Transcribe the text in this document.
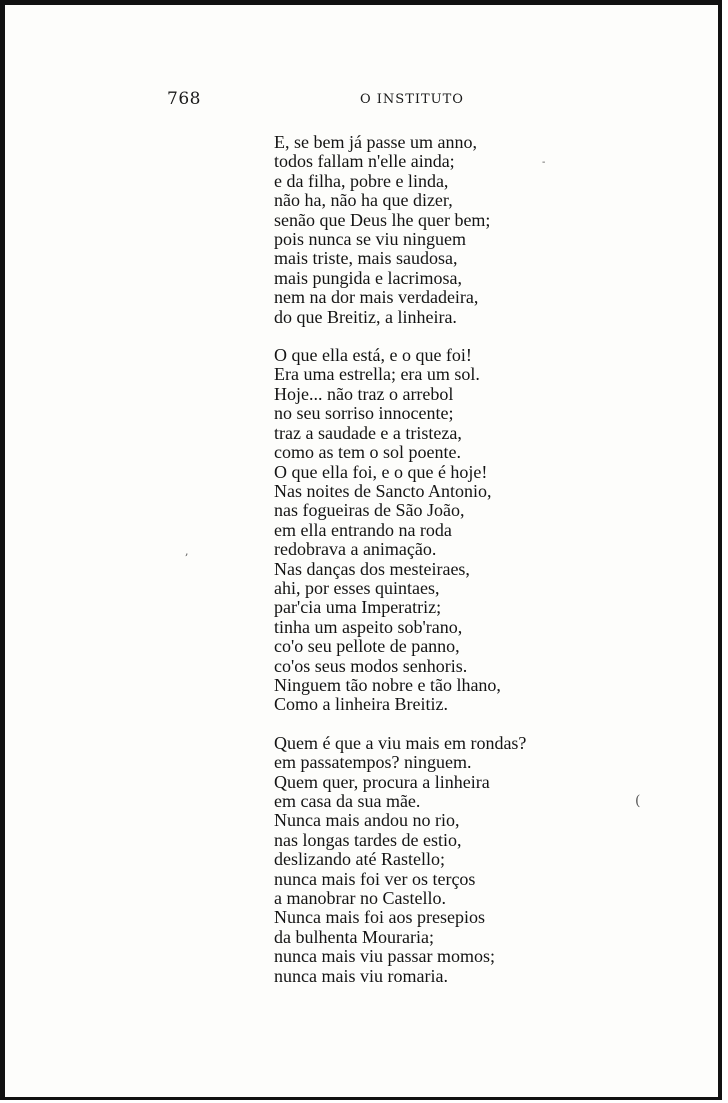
768	O INSTITUTO
E, se bem já passe um anno,
todos fallam n'elle ainda;
e da filha, pobre e linda,
não ha, não ha que dizer,
senão que Deus lhe quer bem;
pois nunca se viu ninguem
mais triste, mais saudosa,
mais pungida e lacrimosa,
nem na dor mais verdadeira,
do que Breitiz, a linheira.
O que ella está, e o que foi!
Era uma estrella; era um sol.
Hoje... não traz o arrebol
no seu sorriso innocente;
traz a saudade e a tristeza,
como as tem o sol poente.
O que ella foi, e o que é hoje!
Nas noites de Sancto Antonio,
nas fogueiras de São João,
em ella entrando na roda
redobrava a animação.
Nas danças dos mesteiraes,
ahi, por esses quintaes,
par'cia uma Imperatriz;
tinha um aspeito sob'rano,
co'o seu pellote de panno,
co'os seus modos senhoris.
Ninguem tão nobre e tão lhano,
Como a linheira Breitiz.
Quem é que a viu mais em rondas?
em passatempos? ninguem.
Quem quer, procura a linheira
em casa da sua mãe.
Nunca mais andou no rio,
nas longas tardes de estio,
deslizando até Rastello;
nunca mais foi ver os terços
a manobrar no Castello.
Nunca mais foi aos presepios
da bulhenta Mouraria;
nunca mais viu passar momos;
nunca mais viu romaria.
-
,
(
